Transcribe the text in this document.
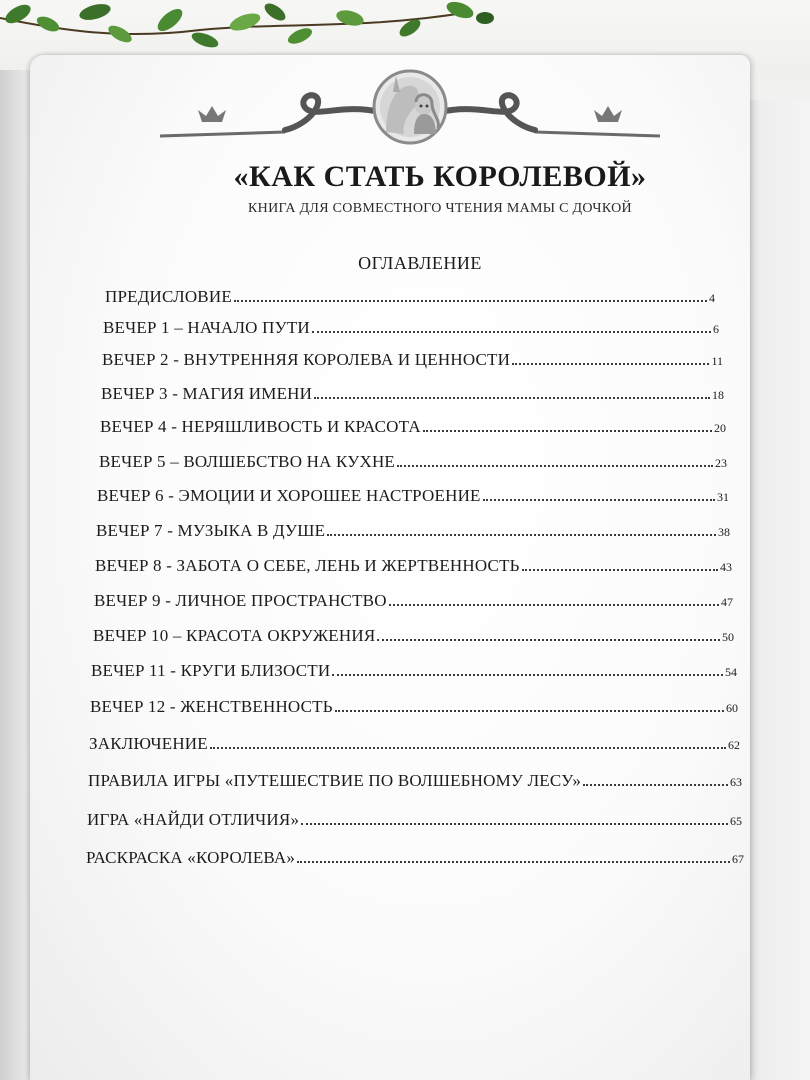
«КАК СТАТЬ КОРОЛЕВОЙ»
КНИГА ДЛЯ СОВМЕСТНОГО ЧТЕНИЯ МАМЫ С ДОЧКОЙ
ОГЛАВЛЕНИЕ
ПРЕДИСЛОВИЕ	4
ВЕЧЕР 1 – НАЧАЛО ПУТИ	6
ВЕЧЕР 2 - ВНУТРЕННЯЯ КОРОЛЕВА И ЦЕННОСТИ	11
ВЕЧЕР 3 - МАГИЯ ИМЕНИ	18
ВЕЧЕР 4 - НЕРЯШЛИВОСТЬ И КРАСОТА	20
ВЕЧЕР 5 – ВОЛШЕБСТВО НА КУХНЕ	23
ВЕЧЕР 6 - ЭМОЦИИ И ХОРОШЕЕ НАСТРОЕНИЕ	31
ВЕЧЕР 7 - МУЗЫКА В ДУШЕ	38
ВЕЧЕР 8 - ЗАБОТА О СЕБЕ, ЛЕНЬ И ЖЕРТВЕННОСТЬ	43
ВЕЧЕР 9 - ЛИЧНОЕ ПРОСТРАНСТВО	47
ВЕЧЕР 10 – КРАСОТА ОКРУЖЕНИЯ	50
ВЕЧЕР 11 - КРУГИ БЛИЗОСТИ	54
ВЕЧЕР 12 - ЖЕНСТВЕННОСТЬ	60
ЗАКЛЮЧЕНИЕ	62
ПРАВИЛА ИГРЫ «ПУТЕШЕСТВИЕ ПО ВОЛШЕБНОМУ ЛЕСУ»	63
ИГРА «НАЙДИ ОТЛИЧИЯ»	65
РАСКРАСКА «КОРОЛЕВА»	67
